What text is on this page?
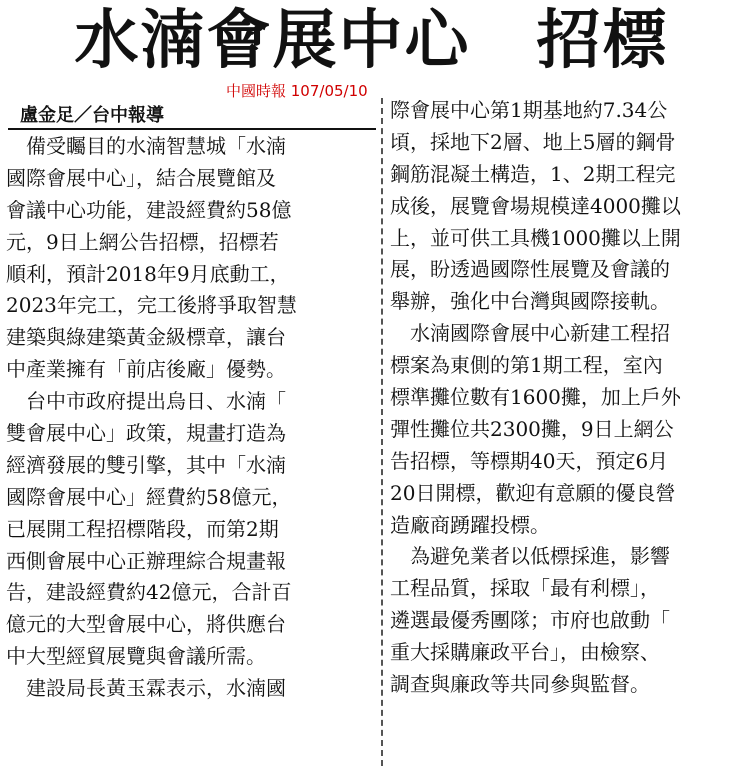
水湳會展中心　招標
中國時報 107/05/10
盧金足／台中報導
　備受矚目的水湳智慧城「水湳
國際會展中心」，結合展覽館及
會議中心功能，建設經費約58億
元，9日上網公告招標，招標若
順利，預計2018年9月底動工，
2023年完工，完工後將爭取智慧
建築與綠建築黃金級標章，讓台
中產業擁有「前店後廠」優勢。
　台中市政府提出烏日、水湳「
雙會展中心」政策，規畫打造為
經濟發展的雙引擎，其中「水湳
國際會展中心」經費約58億元，
已展開工程招標階段，而第2期
西側會展中心正辦理綜合規畫報
告，建設經費約42億元，合計百
億元的大型會展中心，將供應台
中大型經貿展覽與會議所需。
　建設局長黃玉霖表示，水湳國
際會展中心第1期基地約7.34公
頃，採地下2層、地上5層的鋼骨
鋼筋混凝土構造，1、2期工程完
成後，展覽會場規模達4000攤以
上，並可供工具機1000攤以上開
展，盼透過國際性展覽及會議的
舉辦，強化中台灣與國際接軌。
　水湳國際會展中心新建工程招
標案為東側的第1期工程，室內
標準攤位數有1600攤，加上戶外
彈性攤位共2300攤，9日上網公
告招標，等標期40天，預定6月
20日開標，歡迎有意願的優良營
造廠商踴躍投標。
　為避免業者以低標採進，影響
工程品質，採取「最有利標」，
遴選最優秀團隊；市府也啟動「
重大採購廉政平台」，由檢察、
調查與廉政等共同參與監督。
